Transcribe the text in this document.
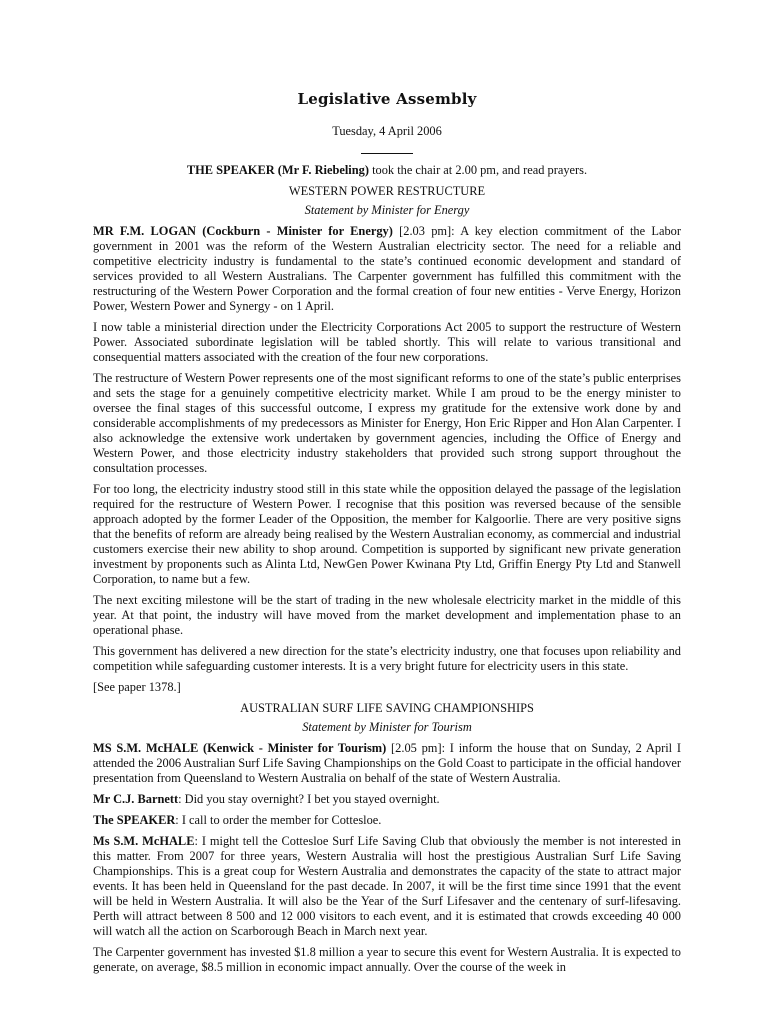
Legislative Assembly
Tuesday, 4 April 2006

THE SPEAKER (Mr F. Riebeling) took the chair at 2.00 pm, and read prayers.

WESTERN POWER RESTRUCTURE
Statement by Minister for Energy

MR F.M. LOGAN (Cockburn - Minister for Energy) [2.03 pm]: A key election commitment of the Labor government in 2001 was the reform of the Western Australian electricity sector. The need for a reliable and competitive electricity industry is fundamental to the state’s continued economic development and standard of services provided to all Western Australians. The Carpenter government has fulfilled this commitment with the restructuring of the Western Power Corporation and the formal creation of four new entities - Verve Energy, Horizon Power, Western Power and Synergy - on 1 April.

I now table a ministerial direction under the Electricity Corporations Act 2005 to support the restructure of Western Power. Associated subordinate legislation will be tabled shortly. This will relate to various transitional and consequential matters associated with the creation of the four new corporations.

The restructure of Western Power represents one of the most significant reforms to one of the state’s public enterprises and sets the stage for a genuinely competitive electricity market. While I am proud to be the energy minister to oversee the final stages of this successful outcome, I express my gratitude for the extensive work done by and considerable accomplishments of my predecessors as Minister for Energy, Hon Eric Ripper and Hon Alan Carpenter. I also acknowledge the extensive work undertaken by government agencies, including the Office of Energy and Western Power, and those electricity industry stakeholders that provided such strong support throughout the consultation processes.

For too long, the electricity industry stood still in this state while the opposition delayed the passage of the legislation required for the restructure of Western Power. I recognise that this position was reversed because of the sensible approach adopted by the former Leader of the Opposition, the member for Kalgoorlie. There are very positive signs that the benefits of reform are already being realised by the Western Australian economy, as commercial and industrial customers exercise their new ability to shop around. Competition is supported by significant new private generation investment by proponents such as Alinta Ltd, NewGen Power Kwinana Pty Ltd, Griffin Energy Pty Ltd and Stanwell Corporation, to name but a few.

The next exciting milestone will be the start of trading in the new wholesale electricity market in the middle of this year. At that point, the industry will have moved from the market development and implementation phase to an operational phase.

This government has delivered a new direction for the state’s electricity industry, one that focuses upon reliability and competition while safeguarding customer interests. It is a very bright future for electricity users in this state.

[See paper 1378.]

AUSTRALIAN SURF LIFE SAVING CHAMPIONSHIPS
Statement by Minister for Tourism

MS S.M. McHALE (Kenwick - Minister for Tourism) [2.05 pm]: I inform the house that on Sunday, 2 April I attended the 2006 Australian Surf Life Saving Championships on the Gold Coast to participate in the official handover presentation from Queensland to Western Australia on behalf of the state of Western Australia.

Mr C.J. Barnett: Did you stay overnight? I bet you stayed overnight.

The SPEAKER: I call to order the member for Cottesloe.

Ms S.M. McHALE: I might tell the Cottesloe Surf Life Saving Club that obviously the member is not interested in this matter. From 2007 for three years, Western Australia will host the prestigious Australian Surf Life Saving Championships. This is a great coup for Western Australia and demonstrates the capacity of the state to attract major events. It has been held in Queensland for the past decade. In 2007, it will be the first time since 1991 that the event will be held in Western Australia. It will also be the Year of the Surf Lifesaver and the centenary of surf-lifesaving. Perth will attract between 8 500 and 12 000 visitors to each event, and it is estimated that crowds exceeding 40 000 will watch all the action on Scarborough Beach in March next year.

The Carpenter government has invested $1.8 million a year to secure this event for Western Australia. It is expected to generate, on average, $8.5 million in economic impact annually. Over the course of the week in
